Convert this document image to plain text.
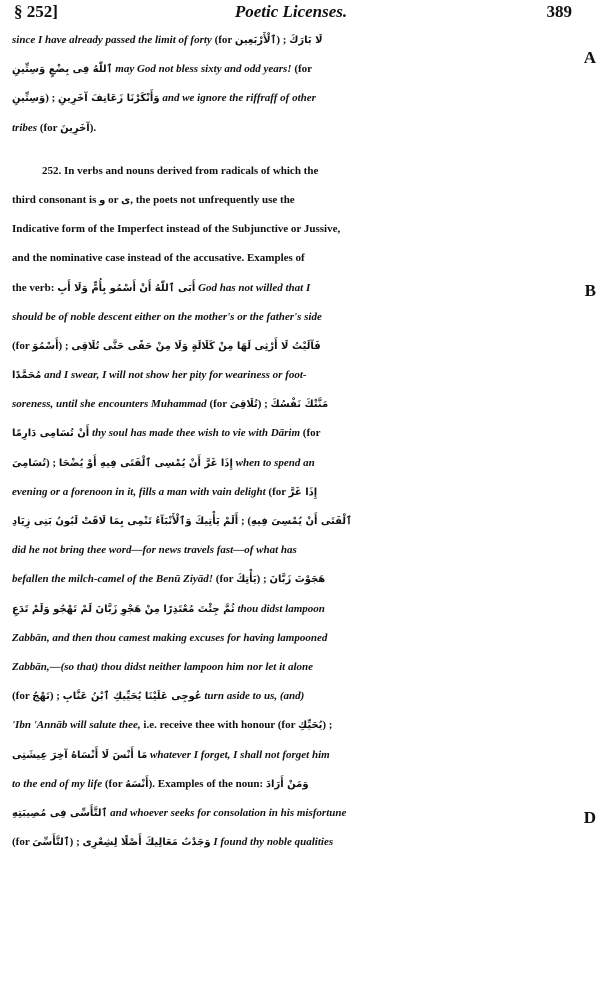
§ 252]	Poetic Licenses.	389
since I have already passed the limit of forty (for ٱلْأَرْبَعِين) ; لَا بَارَكَ
ٱللّٰهُ فِى بِضْعٍ وَسِتِّينِ may God not bless sixty and odd years! (for
وَسِتِّينِ) ; وَأَنْكَرْنَا زَعَانِفَ آخَرِينِ and we ignore the riffraff of other
tribes (for آخَرِينَ).
252. In verbs and nouns derived from radicals of which the
third consonant is و or ى, the poets not unfrequently use the
Indicative form of the Imperfect instead of the Subjunctive or Jussive,
and the nominative case instead of the accusative. Examples of
the verb: أَبَى ٱللّٰهُ أَنْ أَسْمُو بِأُمٍّ وَلَا أَبِ God has not willed that I
should be of noble descent either on the mother's or the father's side
(for أَسْمُوَ) ; فَآلَيْتُ لَا أَرْثِى لَهَا مِنْ كَلَالَةٍ وَلَا مِنْ حَفًى حَتَّى تُلَاقِى
مُحَمَّدًا and I swear, I will not show her pity for weariness or foot-
soreness, until she encounters Muhammad (for تُلَاقِىَ) ; مَنَّتْكَ نَفْسُكَ
أَنْ تُسَامِى دَارِمًا thy soul has made thee wish to vie with Dārim (for
تُسَامِىَ) ; إِذَا غَرَّ أَنْ يُمْسِى ٱلْفَتَى فِيهِ أَوْ يُضْحَا when to spend an
evening or a forenoon in it, fills a man with vain delight (for إِذَا غَرَّ
أَلَمْ يَأْتِيكَ وَٱلْأَنْبَآءُ تَنْمِى بِمَا لَاقَتْ لَبُونُ بَنِى زِيَادِ ; (ٱلْفَتَى أَنْ يُمْسِىَ فِيهِ
did he not bring thee word—for news travels fast—of what has
befallen the milch-camel of the Benū Ziyād! (for يَأْتِكَ) ; هَجَوْتَ زَبَّانَ
ثُمَّ جِئْتَ مُعْتَذِرًا مِنْ هَجْوِ زَبَّانَ لَمْ تَهْجُو وَلَمْ تَدَعِ thou didst lampoon
Zabbān, and then thou camest making excuses for having lampooned
Zabbān,—(so that) thou didst neither lampoon him nor let it alone
(for تَهْجُ) ; عُوجِى عَلَيْنَا يُحَيِّيكِ ٱبْنُ عَنَّابِ turn aside to us, (and)
'Ibn 'Annāb will salute thee, i.e. receive thee with honour (for يُحَيِّكِ) ;
مَا أَنْسَ لَا أَنْسَاهُ آخِرَ عِيشَتِى whatever I forget, I shall not forget him
to the end of my life (for أَنْسَهُ). Examples of the noun: وَمَنْ أَرَادَ
ٱلتَّأَسِّى فِى مُصِيبَتِهِ and whoever seeks for consolation in his misfortune
(for ٱلتَّأَسِّىَ) ; وَجَدْتُ مَعَالِيكَ أَصْلًا لِشِعْرِى I found thy noble qualities
A
B
D
